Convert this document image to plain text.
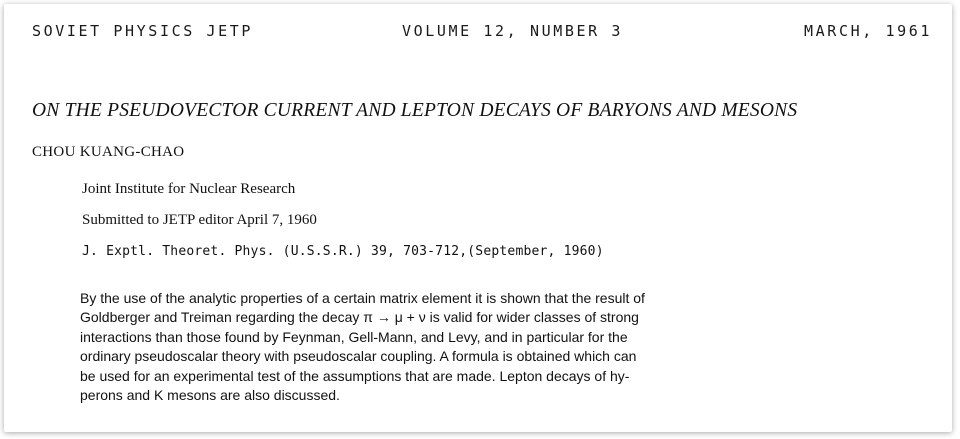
SOVIET PHYSICS JETP	VOLUME 12, NUMBER 3	MARCH, 1961
ON THE PSEUDOVECTOR CURRENT AND LEPTON DECAYS OF BARYONS AND MESONS
CHOU KUANG-CHAO
Joint Institute for Nuclear Research
Submitted to JETP editor April 7, 1960
J. Exptl. Theoret. Phys. (U.S.S.R.) 39, 703-712,(September, 1960)
By the use of the analytic properties of a certain matrix element it is shown that the result of
Goldberger and Treiman regarding the decay π → μ + ν is valid for wider classes of strong
interactions than those found by Feynman, Gell-Mann, and Levy, and in particular for the
ordinary pseudoscalar theory with pseudoscalar coupling. A formula is obtained which can
be used for an experimental test of the assumptions that are made. Lepton decays of hy-
perons and K mesons are also discussed.
